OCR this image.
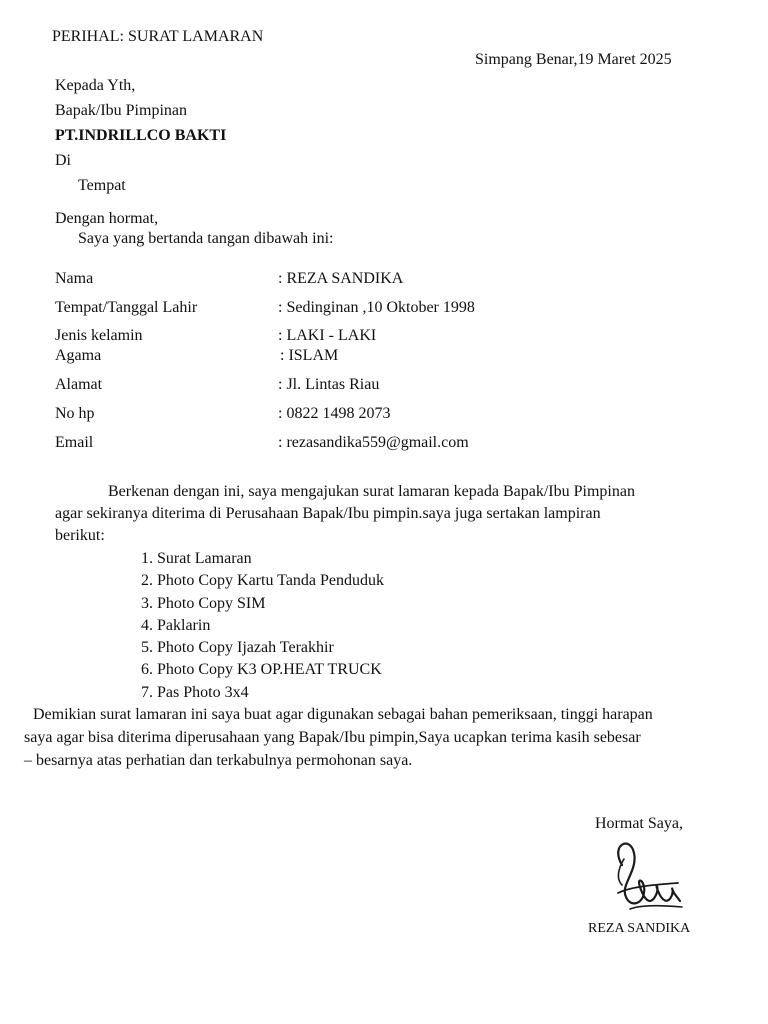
PERIHAL: SURAT LAMARAN
Simpang Benar,19 Maret 2025
Kepada Yth,
Bapak/Ibu Pimpinan
PT.INDRILLCO BAKTI
Di
Tempat
Dengan hormat,
Saya yang bertanda tangan dibawah ini:
Nama	: REZA SANDIKA
Tempat/Tanggal Lahir	: Sedinginan ,10 Oktober 1998
Jenis kelamin	: LAKI - LAKI
Agama	: ISLAM
Alamat	: Jl. Lintas Riau
No hp	: 0822 1498 2073
Email	: rezasandika559@gmail.com
Berkenan dengan ini, saya mengajukan surat lamaran kepada Bapak/Ibu Pimpinan
agar sekiranya diterima di Perusahaan Bapak/Ibu pimpin.saya juga sertakan lampiran
berikut:
1. Surat Lamaran
2. Photo Copy Kartu Tanda Penduduk
3. Photo Copy SIM
4. Paklarin
5. Photo Copy Ijazah Terakhir
6. Photo Copy K3 OP.HEAT TRUCK
7. Pas Photo 3x4
Demikian surat lamaran ini saya buat agar digunakan sebagai bahan pemeriksaan, tinggi harapan
saya agar bisa diterima diperusahaan yang Bapak/Ibu pimpin,Saya ucapkan terima kasih sebesar
– besarnya atas perhatian dan terkabulnya permohonan saya.
Hormat Saya,
REZA SANDIKA
